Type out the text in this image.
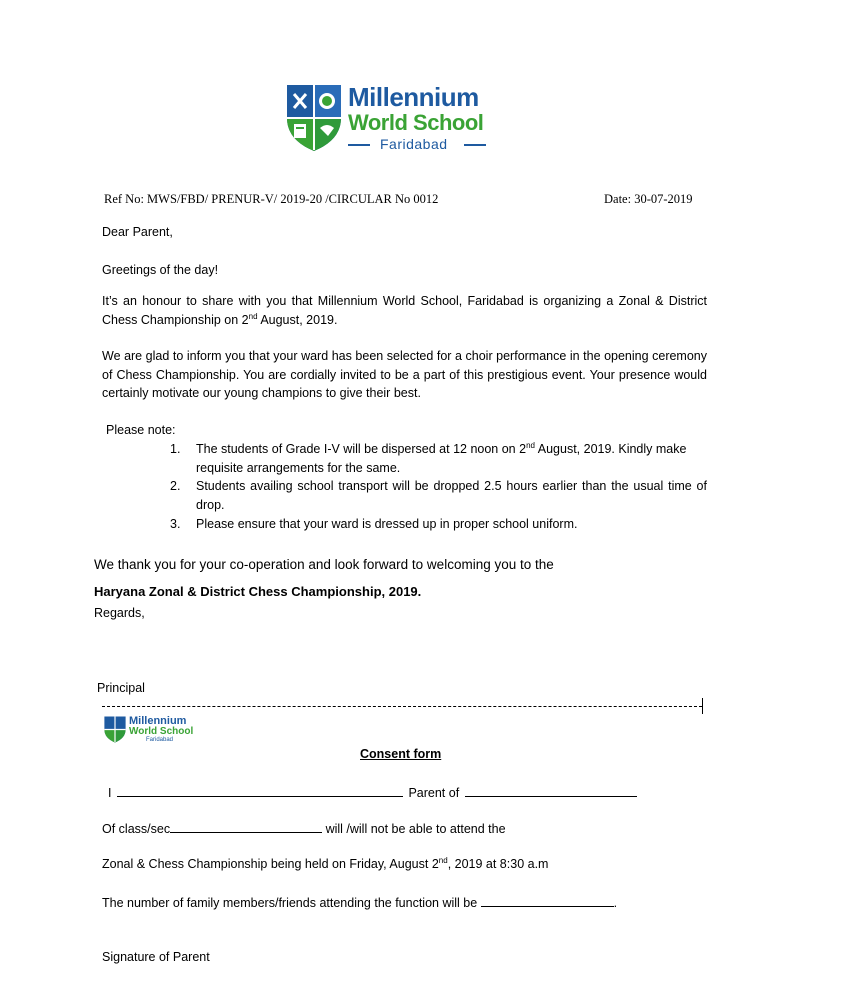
Millennium
World School
Faridabad
Ref No: MWS/FBD/ PRENUR-V/ 2019-20 /CIRCULAR No 0012	Date: 30-07-2019
Dear Parent,
Greetings of the day!
It’s an honour to share with you that Millennium World School, Faridabad is organizing a Zonal & District Chess Championship on 2nd August, 2019.
We are glad to inform you that your ward has been selected for a choir performance in the opening ceremony of Chess Championship. You are cordially invited to be a part of this prestigious event. Your presence would certainly motivate our young champions to give their best.
Please note:
1.	The students of Grade I-V will be dispersed at 12 noon on 2nd August, 2019. Kindly make requisite arrangements for the same.
2.	Students availing school transport will be dropped 2.5 hours earlier than the usual time of drop.
3.	Please ensure that your ward is dressed up in proper school uniform.
We thank you for your co-operation and look forward to welcoming you to the
Haryana Zonal & District Chess Championship, 2019.
Regards,
Principal
Millennium
World School
Faridabad
Consent form
I	Parent of
Of class/sec	will /will not be able to attend the
Zonal & Chess Championship being held on Friday, August 2nd, 2019 at 8:30 a.m
The number of family members/friends attending the function will be	.
Signature of Parent
